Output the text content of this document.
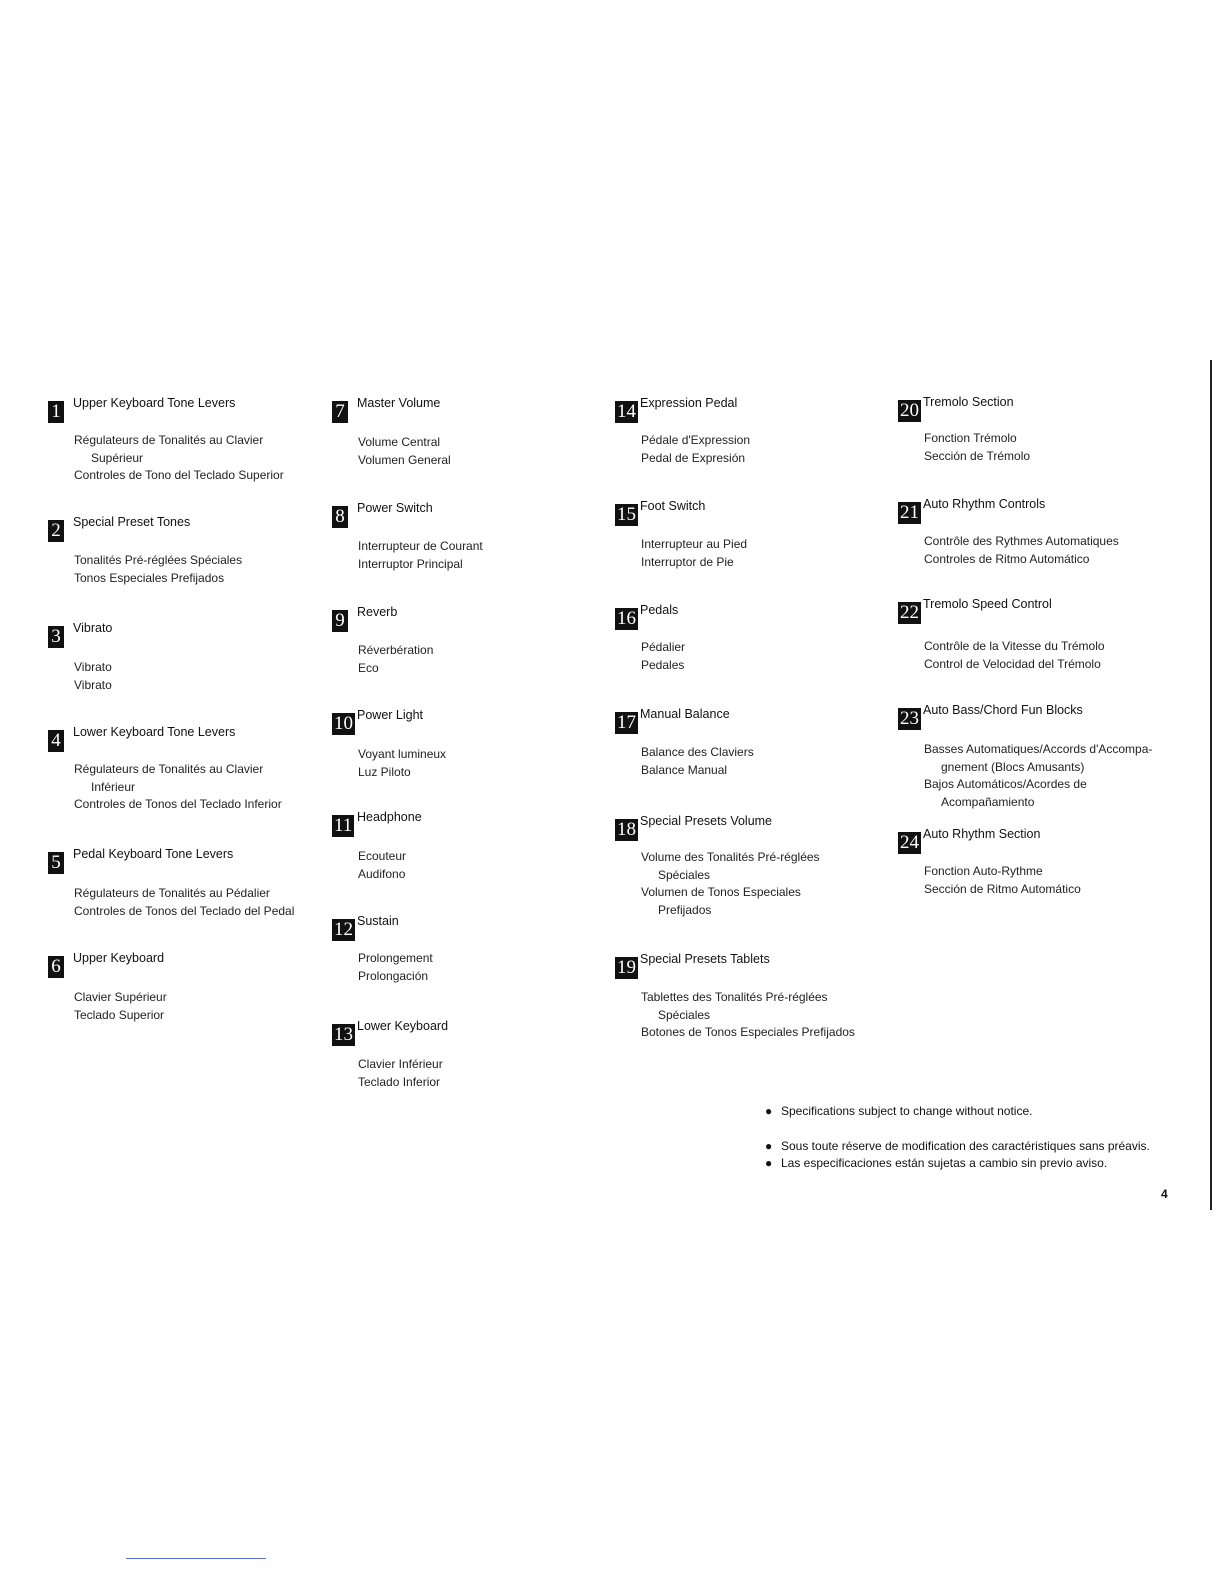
1 Upper Keyboard Tone Levers
Régulateurs de Tonalités au Clavier
Supérieur
Controles de Tono del Teclado Superior
2 Special Preset Tones
Tonalités Pré-réglées Spéciales
Tonos Especiales Prefijados
3 Vibrato
Vibrato
Vibrato
4 Lower Keyboard Tone Levers
Régulateurs de Tonalités au Clavier
Inférieur
Controles de Tonos del Teclado Inferior
5 Pedal Keyboard Tone Levers
Régulateurs de Tonalités au Pédalier
Controles de Tonos del Teclado del Pedal
6 Upper Keyboard
Clavier Supérieur
Teclado Superior
7 Master Volume
Volume Central
Volumen General
8 Power Switch
Interrupteur de Courant
Interruptor Principal
9 Reverb
Réverbération
Eco
10 Power Light
Voyant lumineux
Luz Piloto
11 Headphone
Ecouteur
Audifono
12 Sustain
Prolongement
Prolongación
13 Lower Keyboard
Clavier Inférieur
Teclado Inferior
14 Expression Pedal
Pédale d'Expression
Pedal de Expresión
15 Foot Switch
Interrupteur au Pied
Interruptor de Pie
16 Pedals
Pédalier
Pedales
17 Manual Balance
Balance des Claviers
Balance Manual
18 Special Presets Volume
Volume des Tonalités Pré-réglées
Spéciales
Volumen de Tonos Especiales
Prefijados
19 Special Presets Tablets
Tablettes des Tonalités Pré-réglées
Spéciales
Botones de Tonos Especiales Prefijados
20 Tremolo Section
Fonction Trémolo
Sección de Trémolo
21 Auto Rhythm Controls
Contrôle des Rythmes Automatiques
Controles de Ritmo Automático
22 Tremolo Speed Control
Contrôle de la Vitesse du Trémolo
Control de Velocidad del Trémolo
23 Auto Bass/Chord Fun Blocks
Basses Automatiques/Accords d'Accompa-
gnement (Blocs Amusants)
Bajos Automáticos/Acordes de
Acompañamiento
24 Auto Rhythm Section
Fonction Auto-Rythme
Sección de Ritmo Automático
● Specifications subject to change without notice.
● Sous toute réserve de modification des caractéristiques sans préavis.
● Las especificaciones están sujetas a cambio sin previo aviso.
4
